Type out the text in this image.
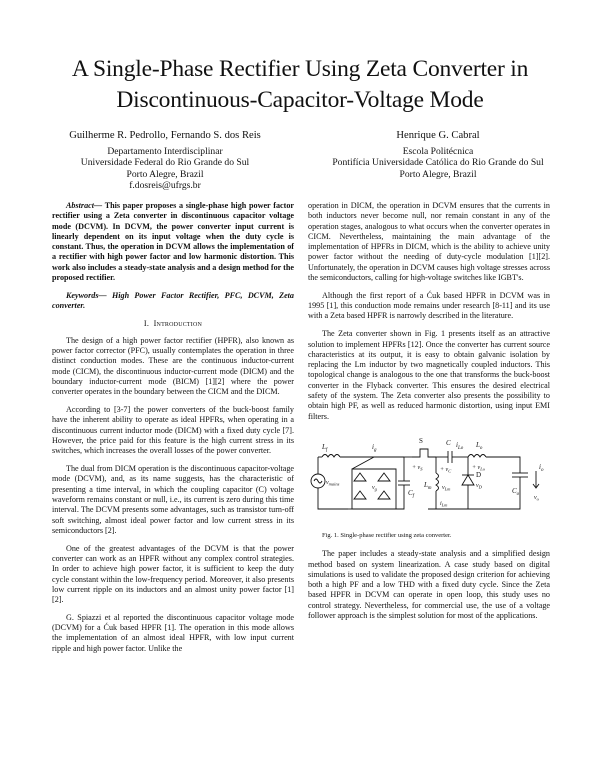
A Single-Phase Rectifier Using Zeta Converter in
Discontinuous-Capacitor-Voltage Mode
Guilherme R. Pedrollo, Fernando S. dos Reis
Departamento Interdisciplinar
Universidade Federal do Rio Grande do Sul
Porto Alegre, Brazil
f.dosreis@ufrgs.br
Henrique G. Cabral
Escola Politécnica
Pontifícia Universidade Católica do Rio Grande do Sul
Porto Alegre, Brazil

Abstract— This paper proposes a single-phase high power factor rectifier using a Zeta converter in discontinuous capacitor voltage mode (DCVM). In DCVM, the power converter input current is linearly dependent on its input voltage when the duty cycle is constant. Thus, the operation in DCVM allows the implementation of a rectifier with high power factor and low harmonic distortion. This work also includes a steady-state analysis and a design method for the proposed rectifier.

Keywords— High Power Factor Rectifier, PFC, DCVM, Zeta converter.

I. Introduction

The design of a high power factor rectifier (HPFR), also known as power factor corrector (PFC), usually contemplates the operation in three distinct conduction modes. These are the continuous inductor-current mode (CICM), the discontinuous inductor-current mode (DICM) and the boundary inductor-current mode (BICM) [1][2] where the power converter operates in the boundary between the CICM and the DICM.

According to [3-7] the power converters of the buck-boost family have the inherent ability to operate as ideal HPFRs, when operating in a discontinuous current inductor mode (DICM) with a fixed duty cycle [7]. However, the price paid for this feature is the high current stress in its switches, which increases the overall losses of the power converter.

The dual from DICM operation is the discontinuous capacitor-voltage mode (DCVM), and, as its name suggests, has the characteristic of presenting a time interval, in which the coupling capacitor (C) voltage waveform remains constant or null, i.e., its current is zero during this time interval. The DCVM presents some advantages, such as transistor turn-off soft switching, almost ideal power factor and low current stress in its semiconductors [2].

One of the greatest advantages of the DCVM is that the power converter can work as an HPFR without any complex control strategies. In order to achieve high power factor, it is sufficient to keep the duty cycle constant within the low-frequency period. Moreover, it also presents low current ripple on its inductors and an almost unity power factor [1][2].

G. Spiazzi et al reported the discontinuous capacitor voltage mode (DCVM) for a Ćuk based HPFR [1]. The operation in this mode allows the implementation of an almost ideal HPFR, with low input current ripple and high power factor. Unlike the

operation in DICM, the operation in DCVM ensures that the currents in both inductors never become null, nor remain constant in any of the operation stages, analogous to what occurs when the converter operates in CICM. Nevertheless, maintaining the main advantage of the implementation of HPFRs in DICM, which is the ability to achieve unity power factor without the needing of duty-cycle modulation [1][2]. Unfortunately, the operation in DCVM causes high voltage stresses across the semiconductors, calling for high-voltage switches like IGBT's.

Although the first report of a Ćuk based HPFR in DCVM was in 1995 [1], this conduction mode remains under research [8-11] and its use with a Zeta based HPFR is narrowly described in the literature.

The Zeta converter shown in Fig. 1 presents itself as an attractive solution to implement HPFRs [12]. Once the converter has current source characteristics at its output, it is easy to obtain galvanic isolation by replacing the Lm inductor by two magnetically coupled inductors. This topological change is analogous to the one that transforms the buck-boost converter in the Flyback converter. This ensures the desired electrical safety of the system. The Zeta converter also presents the possibility to obtain high PF, as well as reduced harmonic distortion, using input EMI filters.

$L_f$
$v_{mains}$
$i_g$
S
+ $v_S$
$C_f$
$v_g$
C
+ $v_C$
$i_{Lo}$ $L_o$
+ $v_{Lo}$
$L_m$ $v_{Lm}$
$i_{Lm}$
D
$v_D$	$C_o$
$i_o$
$v_o$

Fig. 1. Single-phase rectifier using zeta converter.

The paper includes a steady-state analysis and a simplified design method based on system linearization. A case study based on digital simulations is used to validate the proposed design criterion for achieving both a high PF and a low THD with a fixed duty cycle. Since the Zeta based HPFR in DCVM can operate in open loop, this study uses no control strategy. Nevertheless, for commercial use, the use of a voltage follower approach is the simplest solution for most of the applications.
